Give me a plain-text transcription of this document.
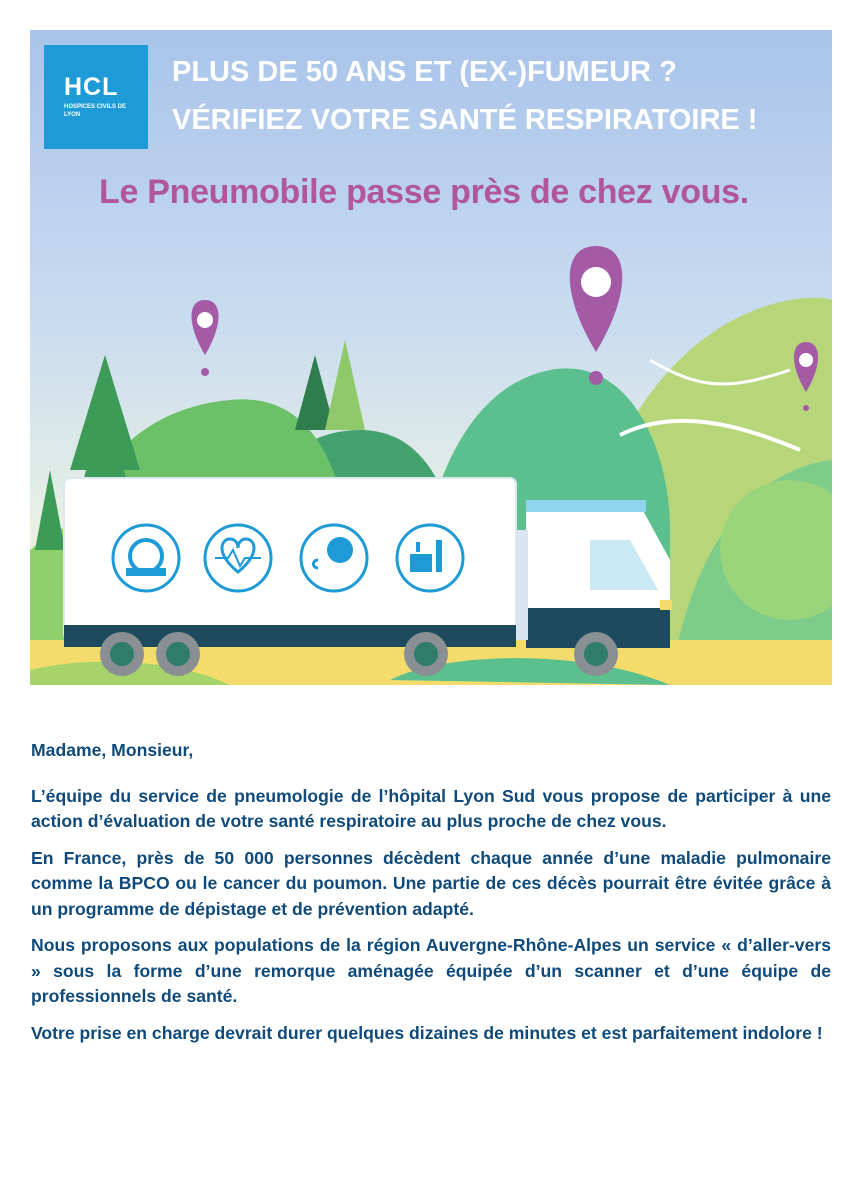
HCL
HOSPICES CIVILS DE LYON
PLUS DE 50 ANS ET (EX-)FUMEUR ?
VÉRIFIEZ VOTRE SANTÉ RESPIRATOIRE !
Le Pneumobile passe près de chez vous.

Madame, Monsieur,

L’équipe du service de pneumologie de l’hôpital Lyon Sud vous propose de participer à une action d’évaluation de votre santé respiratoire au plus proche de chez vous.

En France, près de 50 000 personnes décèdent chaque année d’une maladie pulmonaire comme la BPCO ou le cancer du poumon. Une partie de ces décès pourrait être évitée grâce à un programme de dépistage et de prévention adapté.

Nous proposons aux populations de la région Auvergne-Rhône-Alpes un service « d’aller-vers » sous la forme d’une remorque aménagée équipée d’un scanner et d’une équipe de professionnels de santé.

Votre prise en charge devrait durer quelques dizaines de minutes et est parfaitement indolore !
